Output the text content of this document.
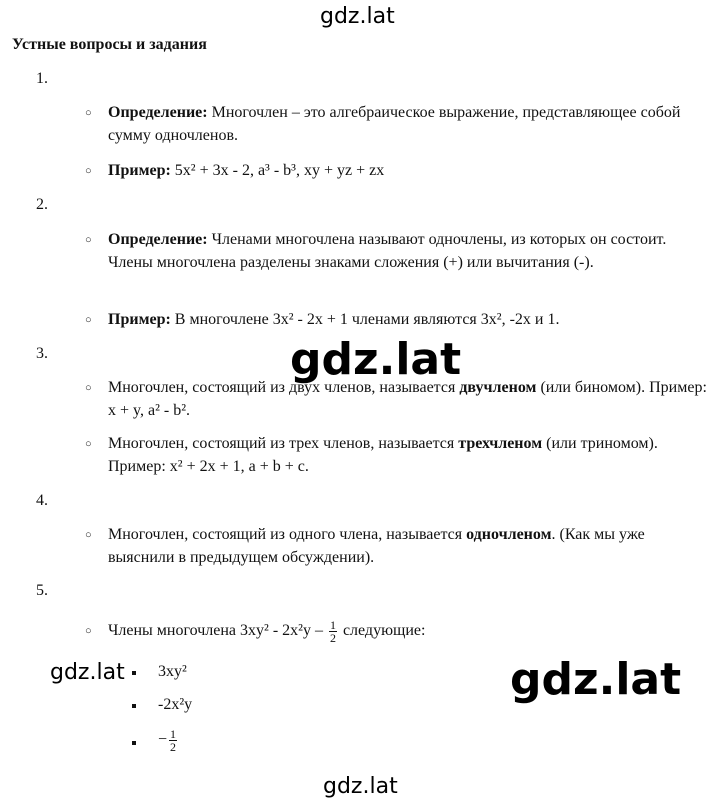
gdz.lat
gdz.lat
gdz.lat	gdz.lat
gdz.lat
Устные вопросы и задания
1.
○ Определение: Многочлен – это алгебраическое выражение, представляющее собой сумму одночленов.
○ Пример: 5x² + 3x - 2, a³ - b³, xy + yz + zx
2.
○ Определение: Членами многочлена называют одночлены, из которых он состоит. Члены многочлена разделены знаками сложения (+) или вычитания (-).
○ Пример: В многочлене 3x² - 2x + 1 членами являются 3x², -2x и 1.
3.
○ Многочлен, состоящий из двух членов, называется двучленом (или биномом). Пример: x + y, a² - b².
○ Многочлен, состоящий из трех членов, называется трехчленом (или триномом). Пример: x² + 2x + 1, a + b + c.
4.
○ Многочлен, состоящий из одного члена, называется одночленом. (Как мы уже выяснили в предыдущем обсуждении).
5.
○ Члены многочлена $3xy^2 - 2x^2y - \frac{1}{2}$ следующие:
3xy²
-2x²y
− $\frac{1}{2}$
